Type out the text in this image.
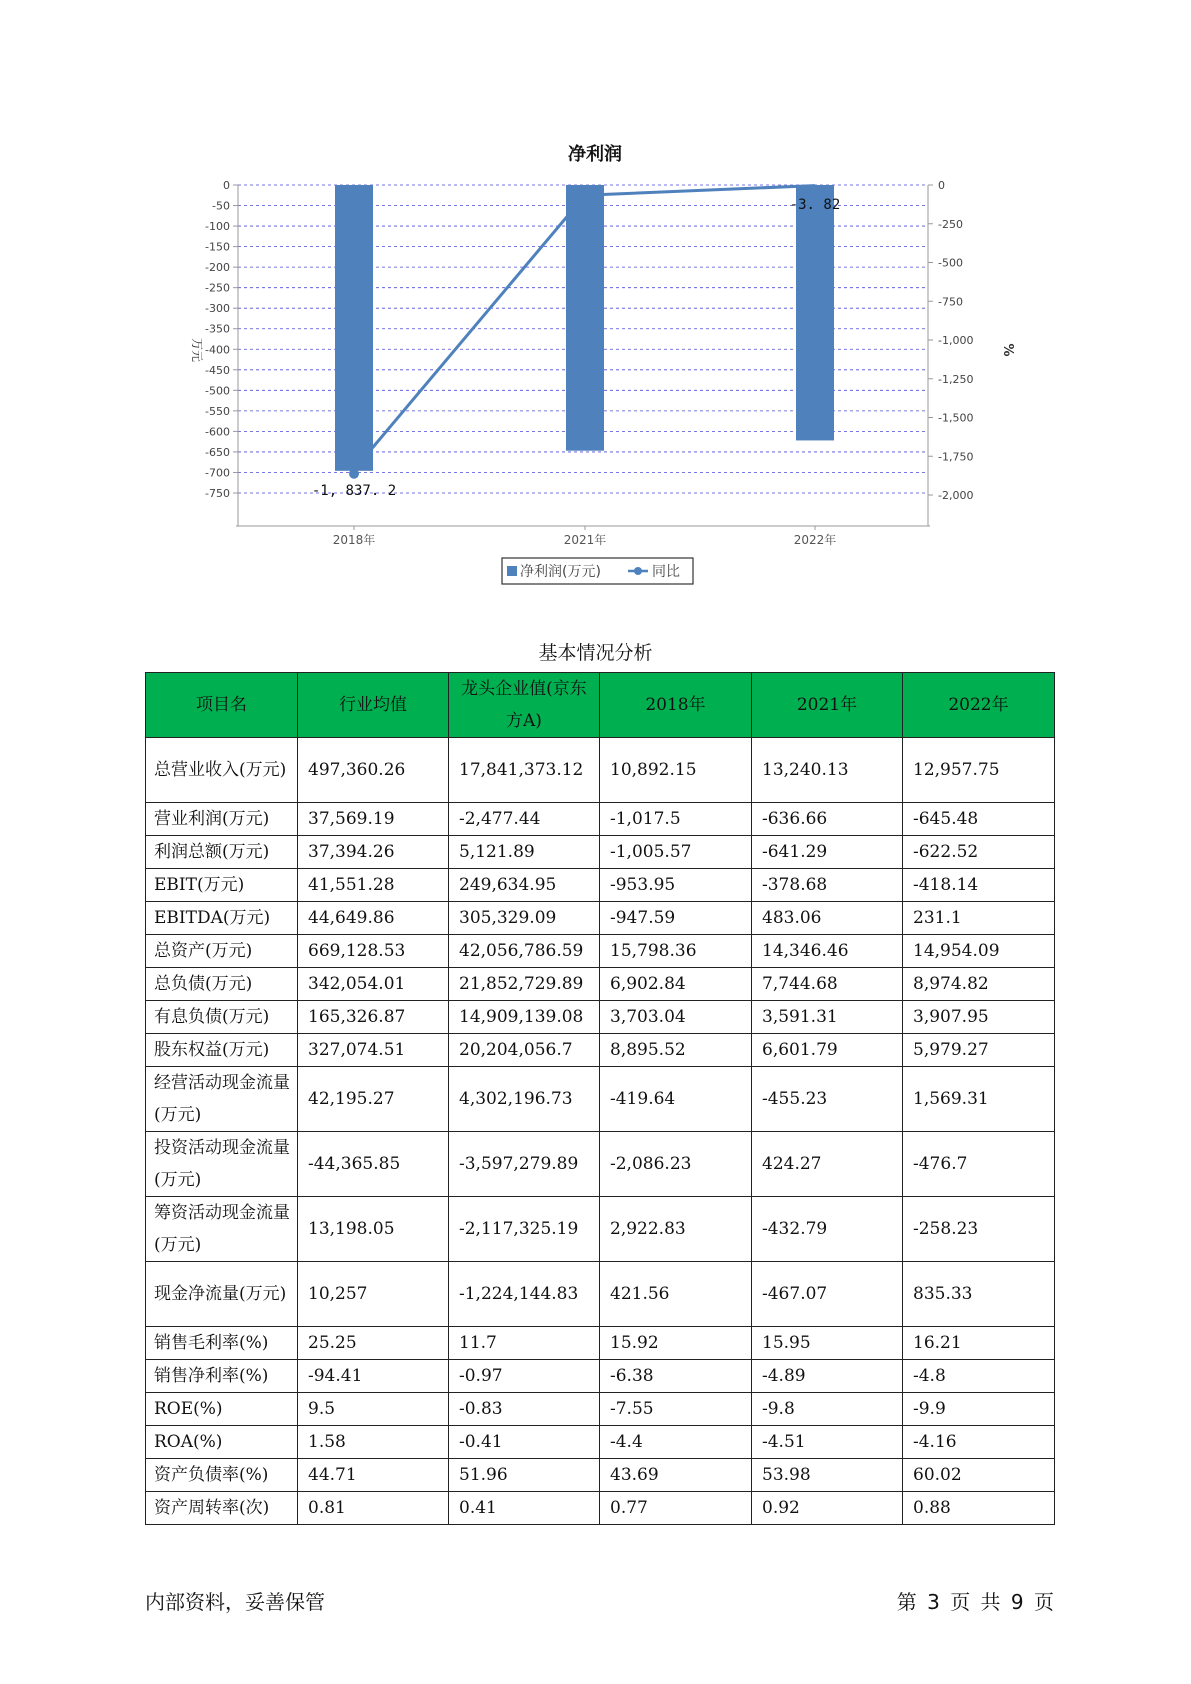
净利润
0
-50
-100
-150
-200
-250
-300
-350
-400
-450
-500
-550
-600
-650
-700
-750
0
-250
-500
-750
-1,000
-1,250
-1,500
-1,750
-2,000
-1, 837. 2
-3. 82
2018年	2021年	2022年
万元	%
净利润(万元)	同比
基本情况分析
项目名	行业均值	龙头企业值(京东方A)	2018年	2021年	2022年
总营业收入(万元)	497,360.26	17,841,373.12	10,892.15	13,240.13	12,957.75
营业利润(万元)	37,569.19	-2,477.44	-1,017.5	-636.66	-645.48
利润总额(万元)	37,394.26	5,121.89	-1,005.57	-641.29	-622.52
EBIT(万元)	41,551.28	249,634.95	-953.95	-378.68	-418.14
EBITDA(万元)	44,649.86	305,329.09	-947.59	483.06	231.1
总资产(万元)	669,128.53	42,056,786.59	15,798.36	14,346.46	14,954.09
总负债(万元)	342,054.01	21,852,729.89	6,902.84	7,744.68	8,974.82
有息负债(万元)	165,326.87	14,909,139.08	3,703.04	3,591.31	3,907.95
股东权益(万元)	327,074.51	20,204,056.7	8,895.52	6,601.79	5,979.27
经营活动现金流量(万元)	42,195.27	4,302,196.73	-419.64	-455.23	1,569.31
投资活动现金流量(万元)	-44,365.85	-3,597,279.89	-2,086.23	424.27	-476.7
筹资活动现金流量(万元)	13,198.05	-2,117,325.19	2,922.83	-432.79	-258.23
现金净流量(万元)	10,257	-1,224,144.83	421.56	-467.07	835.33
销售毛利率(%)	25.25	11.7	15.92	15.95	16.21
销售净利率(%)	-94.41	-0.97	-6.38	-4.89	-4.8
ROE(%)	9.5	-0.83	-7.55	-9.8	-9.9
ROA(%)	1.58	-0.41	-4.4	-4.51	-4.16
资产负债率(%)	44.71	51.96	43.69	53.98	60.02
资产周转率(次)	0.81	0.41	0.77	0.92	0.88
内部资料，妥善保管	第 3 页 共 9 页
